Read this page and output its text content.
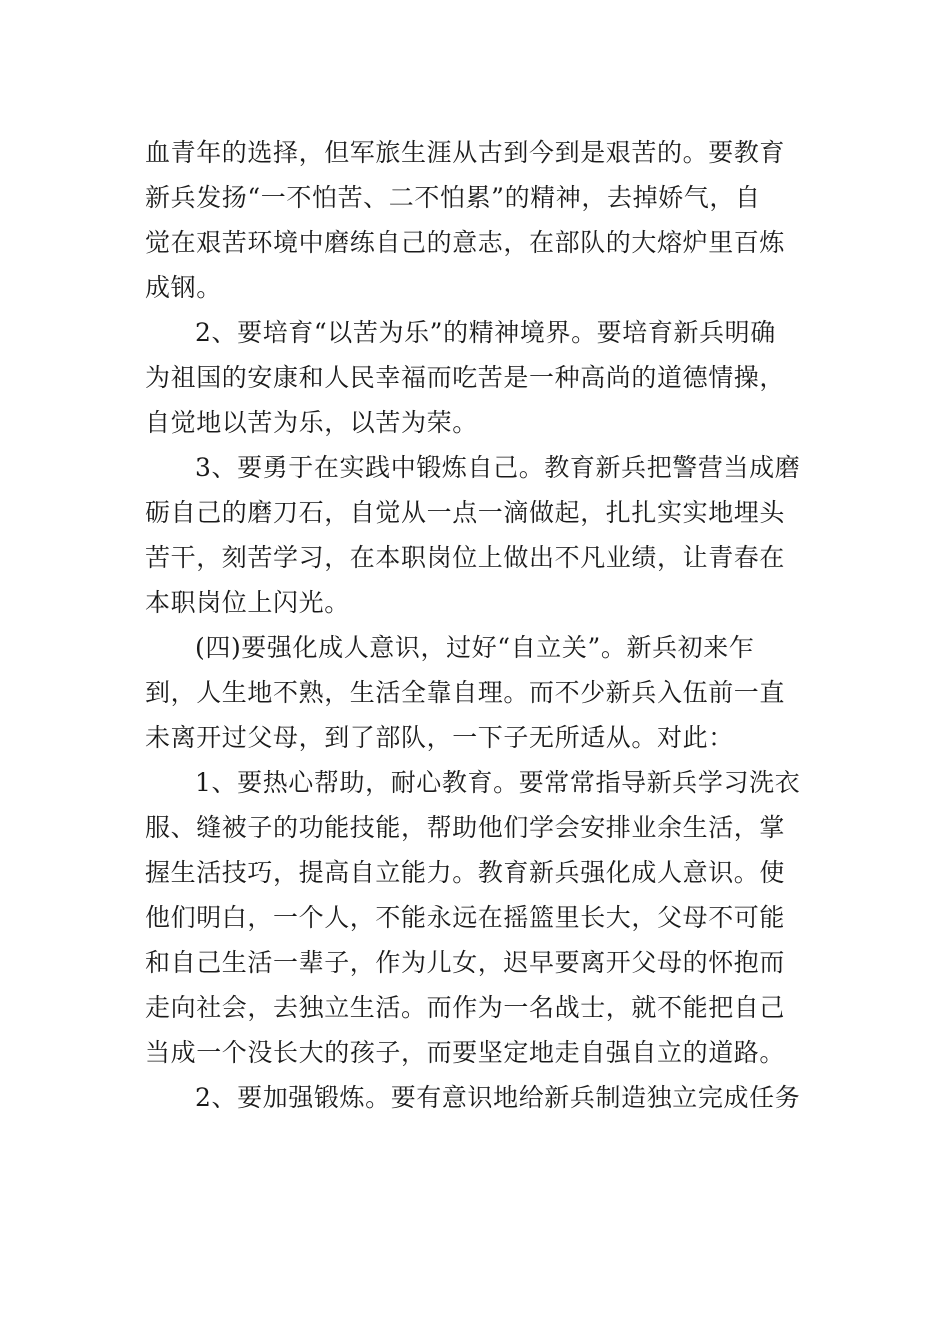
血青年的选择，但军旅生涯从古到今到是艰苦的。要教育
新兵发扬“一不怕苦、二不怕累”的精神，去掉娇气，自
觉在艰苦环境中磨练自己的意志，在部队的大熔炉里百炼
成钢。
2、要培育“以苦为乐”的精神境界。要培育新兵明确
为祖国的安康和人民幸福而吃苦是一种高尚的道德情操，
自觉地以苦为乐，以苦为荣。
3、要勇于在实践中锻炼自己。教育新兵把警营当成磨
砺自己的磨刀石，自觉从一点一滴做起，扎扎实实地埋头
苦干，刻苦学习，在本职岗位上做出不凡业绩，让青春在
本职岗位上闪光。
(四)要强化成人意识，过好“自立关”。新兵初来乍
到，人生地不熟，生活全靠自理。而不少新兵入伍前一直
未离开过父母，到了部队，一下子无所适从。对此：
1、要热心帮助，耐心教育。要常常指导新兵学习洗衣
服、缝被子的功能技能，帮助他们学会安排业余生活，掌
握生活技巧，提高自立能力。教育新兵强化成人意识。使
他们明白，一个人，不能永远在摇篮里长大，父母不可能
和自己生活一辈子，作为儿女，迟早要离开父母的怀抱而
走向社会，去独立生活。而作为一名战士，就不能把自己
当成一个没长大的孩子，而要坚定地走自强自立的道路。
2、要加强锻炼。要有意识地给新兵制造独立完成任务
